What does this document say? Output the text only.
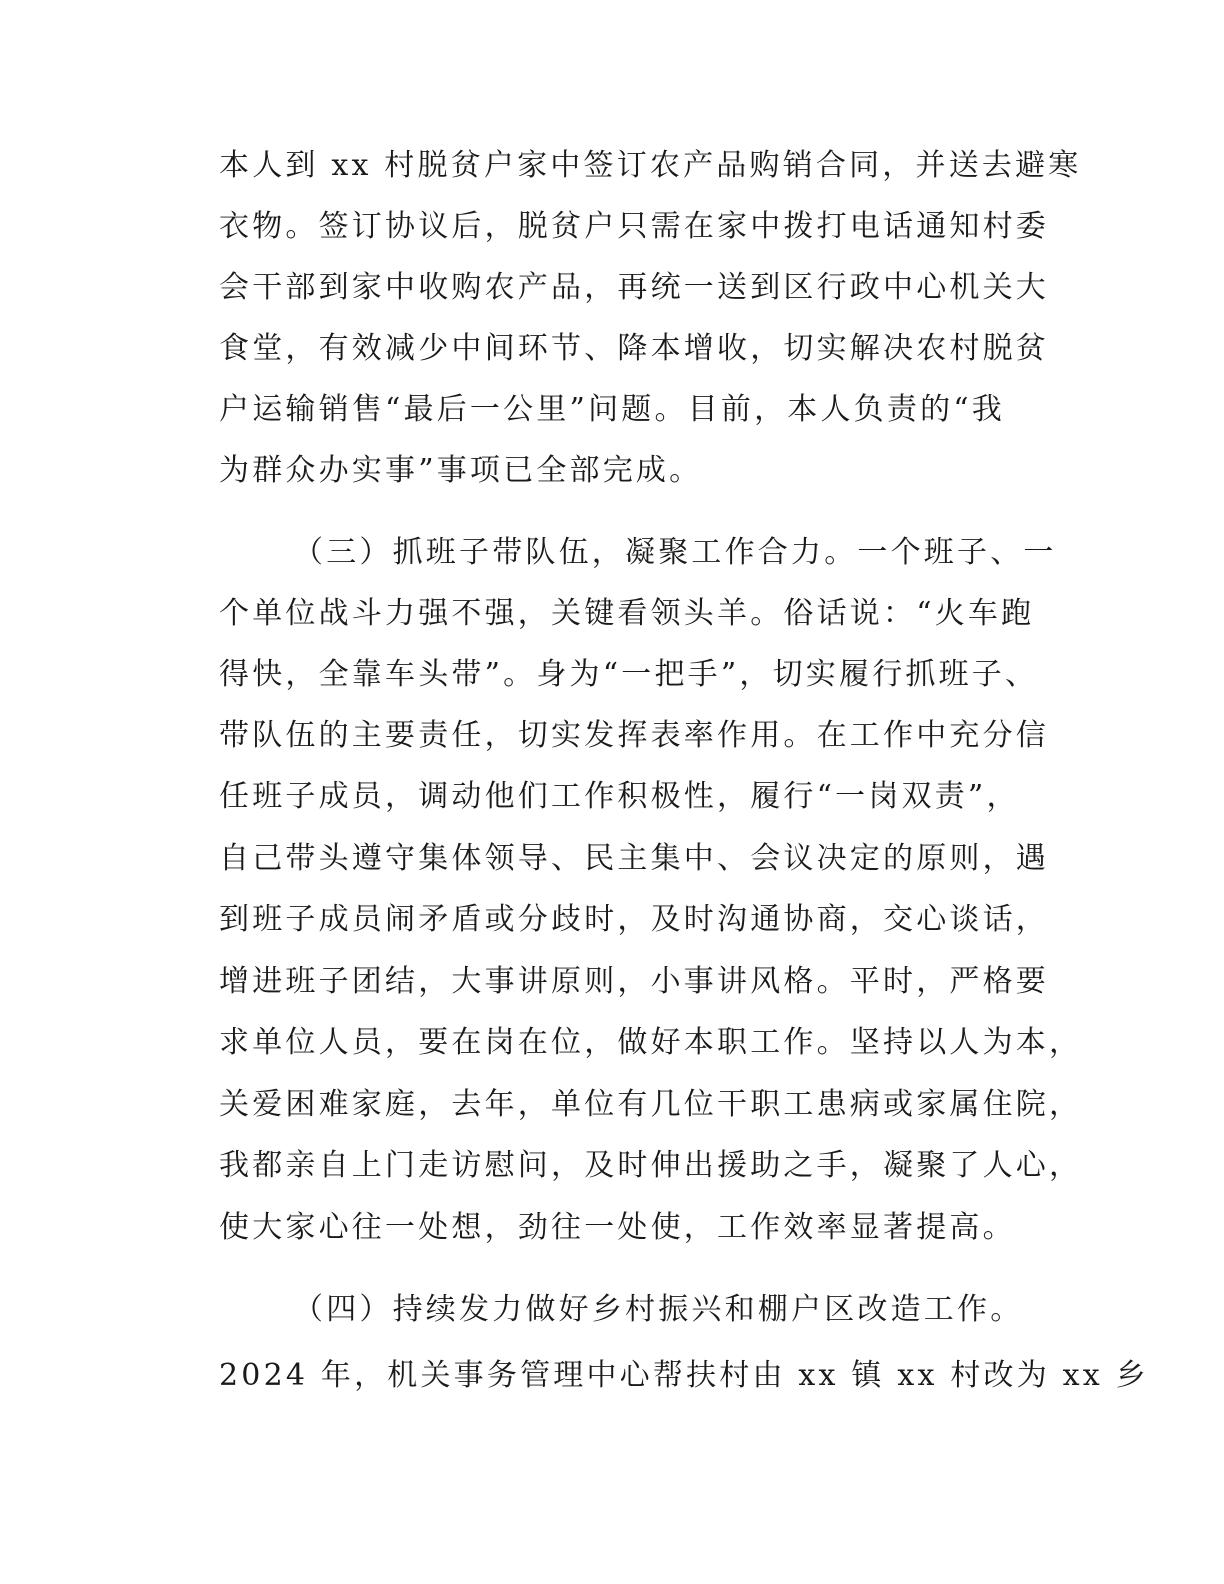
本人到 xx 村脱贫户家中签订农产品购销合同，并送去避寒
衣物。签订协议后，脱贫户只需在家中拨打电话通知村委
会干部到家中收购农产品，再统一送到区行政中心机关大
食堂，有效减少中间环节、降本增收，切实解决农村脱贫
户运输销售“最后一公里”问题。目前，本人负责的“我
为群众办实事”事项已全部完成。
（三）抓班子带队伍，凝聚工作合力。一个班子、一
个单位战斗力强不强，关键看领头羊。俗话说：“火车跑
得快，全靠车头带”。身为“一把手”，切实履行抓班子、
带队伍的主要责任，切实发挥表率作用。在工作中充分信
任班子成员，调动他们工作积极性，履行“一岗双责”，
自己带头遵守集体领导、民主集中、会议决定的原则，遇
到班子成员闹矛盾或分歧时，及时沟通协商，交心谈话，
增进班子团结，大事讲原则，小事讲风格。平时，严格要
求单位人员，要在岗在位，做好本职工作。坚持以人为本，
关爱困难家庭，去年，单位有几位干职工患病或家属住院，
我都亲自上门走访慰问，及时伸出援助之手，凝聚了人心，
使大家心往一处想，劲往一处使，工作效率显著提高。
（四）持续发力做好乡村振兴和棚户区改造工作。
2024 年，机关事务管理中心帮扶村由 xx 镇 xx 村改为 xx 乡
